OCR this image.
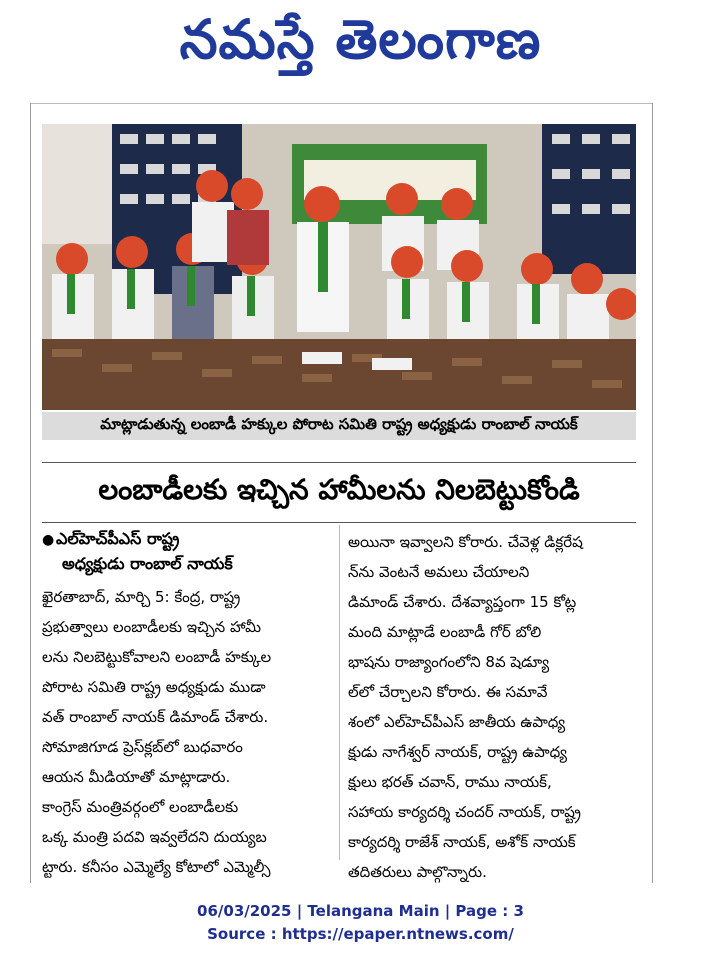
నమస్తే తెలంగాణ
మాట్లాడుతున్న లంబాడీ హక్కుల పోరాట సమితి రాష్ట్ర అధ్యక్షుడు రాంబాల్ నాయక్
లంబాడీలకు ఇచ్చిన హామీలను నిలబెట్టుకోండి
● ఎల్‌హెచ్‌పీఎస్ రాష్ట్ర
అధ్యక్షుడు రాంబాల్ నాయక్
ఖైరతాబాద్, మార్చి 5: కేంద్ర, రాష్ట్ర
ప్రభుత్వాలు లంబాడీలకు ఇచ్చిన హామీ
లను నిలబెట్టుకోవాలని లంబాడీ హక్కుల
పోరాట సమితి రాష్ట్ర అధ్యక్షుడు ముడా
వత్ రాంబాల్ నాయక్ డిమాండ్ చేశారు.
సోమాజిగూడ ప్రెస్‌క్లబ్‌లో బుధవారం
ఆయన మీడియాతో మాట్లాడారు.
కాంగ్రెస్ మంత్రివర్గంలో లంబాడీలకు
ఒక్క మంత్రి పదవి ఇవ్వలేదని దుయ్యబ
ట్టారు. కనీసం ఎమ్మెల్యే కోటాలో ఎమ్మెల్సీ
అయినా ఇవ్వాలని కోరారు. చేవెళ్ల డిక్లరేష
న్‌ను వెంటనే అమలు చేయాలని
డిమాండ్ చేశారు. దేశవ్యాప్తంగా 15 కోట్ల
మంది మాట్లాడే లంబాడీ గోర్ బోలి
భాషను రాజ్యాంగంలోని 8వ షెడ్యూ
ల్‌లో చేర్చాలని కోరారు. ఈ సమావే
శంలో ఎల్‌హెచ్‌పీఎస్ జాతీయ ఉపాధ్య
క్షుడు నాగేశ్వర్ నాయక్, రాష్ట్ర ఉపాధ్య
క్షులు భరత్ చవాన్, రాము నాయక్,
సహాయ కార్యదర్శి చందర్ నాయక్, రాష్ట్ర
కార్యదర్శి రాజేశ్ నాయక్, అశోక్ నాయక్
తదితరులు పాల్గొన్నారు.
06/03/2025 | Telangana Main | Page : 3
Source : https://epaper.ntnews.com/
